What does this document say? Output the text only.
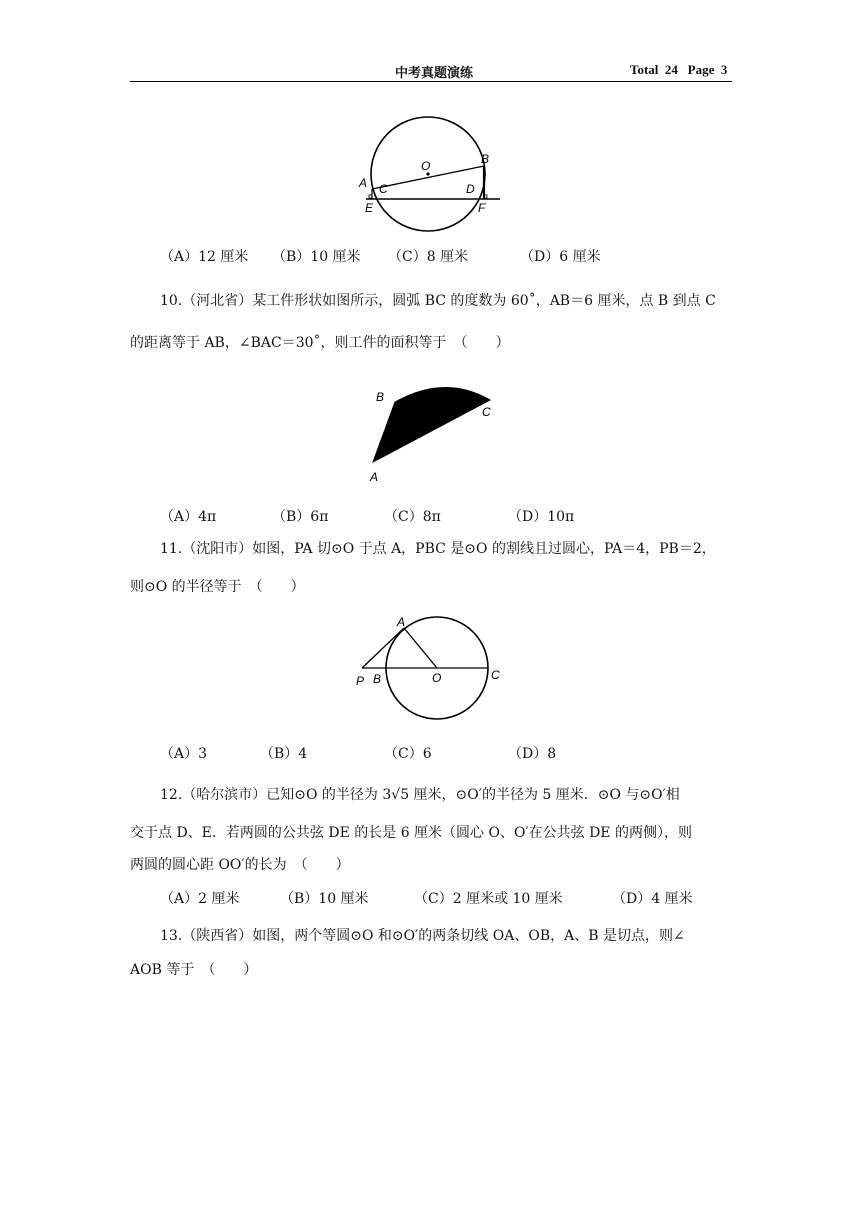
中考真题演练	Total  24   Page  3
A
B
C	D
E	F
O
（A）12 厘米 （B）10 厘米 （C）8 厘米	（D）6 厘米
10.（河北省）某工件形状如图所示，圆弧 BC 的度数为 60˚，AB＝6 厘米，点 B 到点 C
的距离等于 AB，∠BAC＝30˚，则工件的面积等于　（　　）
B
C
A
（A）4π	（B）6π	（C）8π	（D）10π
11.（沈阳市）如图，PA 切⊙O 于点 A，PBC 是⊙O 的割线且过圆心，PA＝4，PB＝2，
则⊙O 的半径等于　（　　）
A
P B	O	C
（A）3	（B）4	（C）6	（D）8
12.（哈尔滨市）已知⊙O 的半径为 3√5 厘米，⊙O′的半径为 5 厘米．⊙O 与⊙O′相
交于点 D、E．若两圆的公共弦 DE 的长是 6 厘米（圆心 O、O′在公共弦 DE 的两侧），则
两圆的圆心距 OO′的长为　（　　）
（A）2 厘米	（B）10 厘米	（C）2 厘米或 10 厘米	（D）4 厘米
13.（陕西省）如图，两个等圆⊙O 和⊙O′的两条切线 OA、OB，A、B 是切点，则∠
AOB 等于　（　　）
